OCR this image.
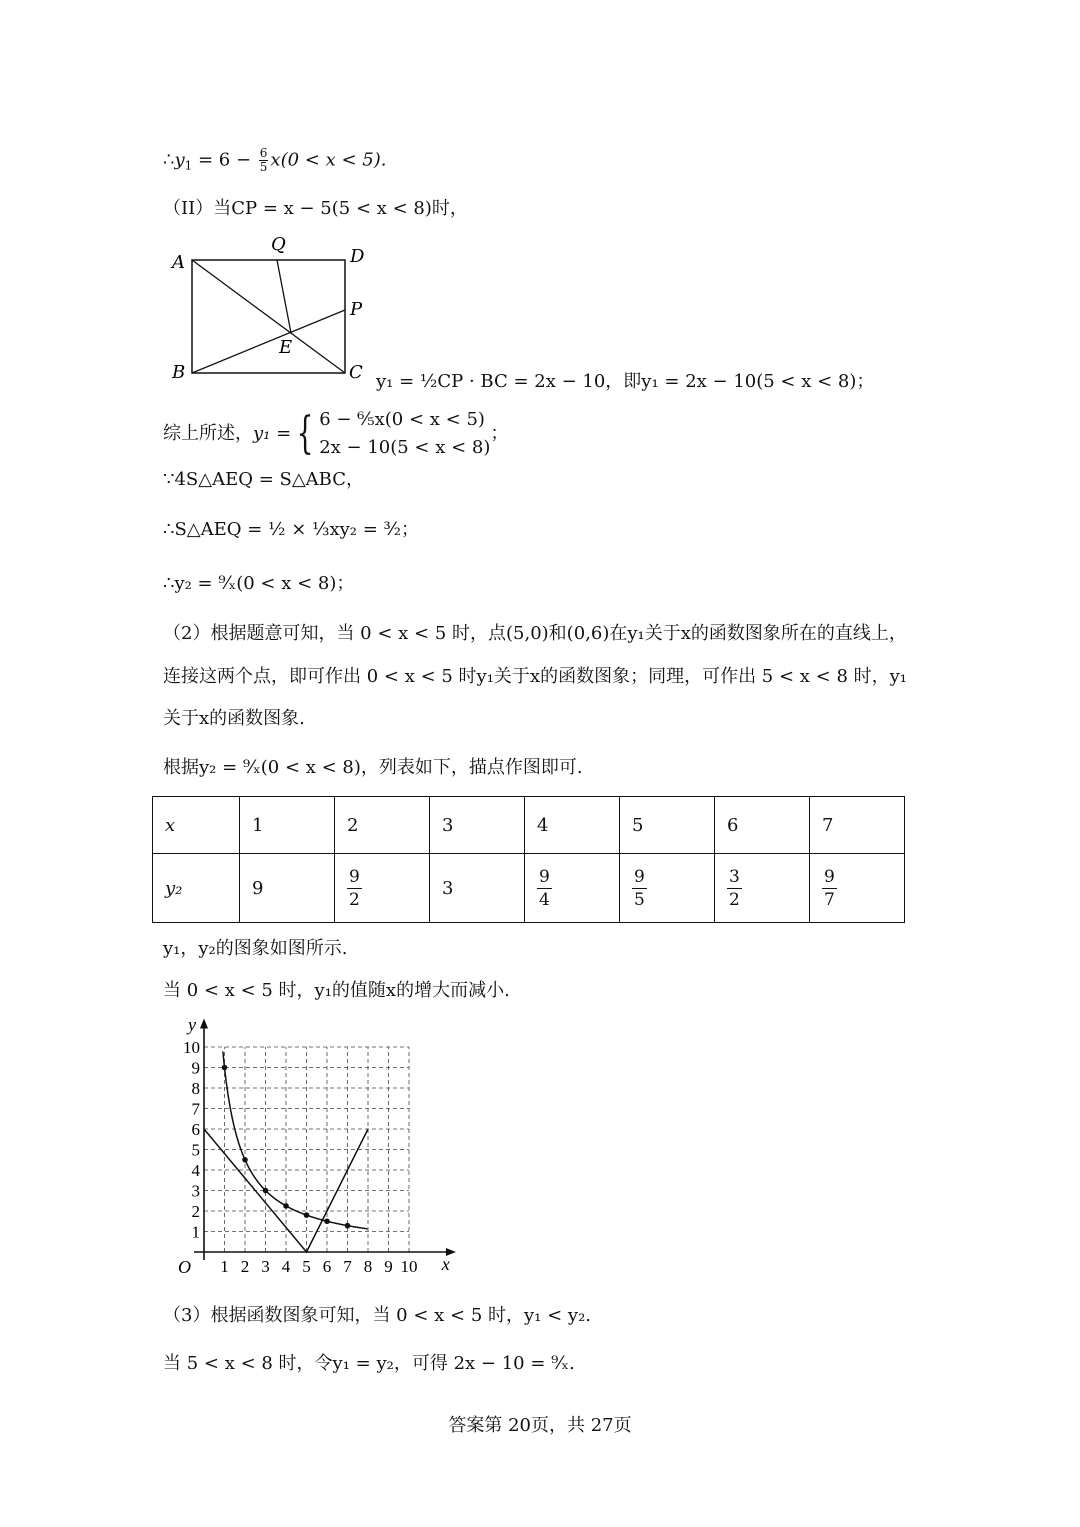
$\therefore y_1 = 6 - \frac{6}{5} x(0 < x < 5)$.
（II）当CP = x − 5(5 < x < 8)时，
A
Q
D
P
E
B	C y₁ = ½CP · BC = 2x − 10，即y₁ = 2x − 10(5 < x < 8)；
综上所述，y₁ = { 6 − ⁶⁄₅x(0 < x < 5)
2x − 10(5 < x < 8)
；
∵4S△AEQ = S△ABC，
∴S△AEQ = ½ × ⅓xy₂ = ³⁄₂；
∴y₂ = ⁹⁄ₓ(0 < x < 8)；
（2）根据题意可知，当 0 < x < 5 时，点(5,0)和(0,6)在y₁关于x的函数图象所在的直线上，
连接这两个点，即可作出 0 < x < 5 时y₁关于x的函数图象；同理，可作出 5 < x < 8 时，y₁
关于x的函数图象.
根据y₂ = ⁹⁄ₓ(0 < x < 8)，列表如下，描点作图即可.
x	1	2	3	4	5	6	7
y₂	9	$\frac{9}{2}$	3	$\frac{9}{4}$	$\frac{9}{5}$	$\frac{3}{2}$	$\frac{9}{7}$
y₁，y₂的图象如图所示.
当 0 < x < 5 时，y₁的值随x的增大而减小.
1 2 3 4 5 6 7 8 9 10
1
2
3
4
5
6
7
8
9
10
O	x
y
（3）根据函数图象可知，当 0 < x < 5 时，y₁ < y₂.
当 5 < x < 8 时，令y₁ = y₂，可得 2x − 10 = ⁹⁄ₓ.
答案第 20页，共 27页
